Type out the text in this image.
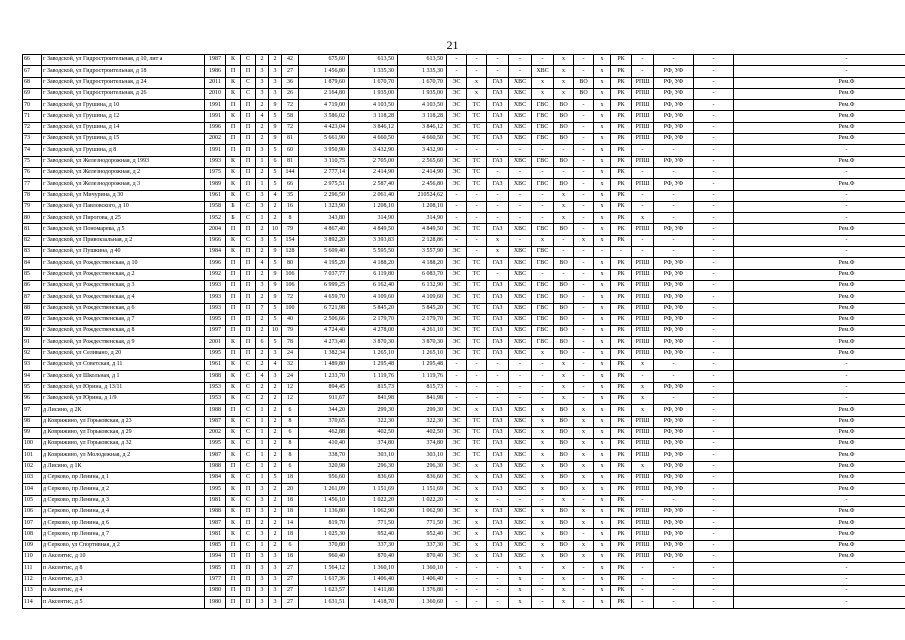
21
66	г Заводской, ул Гидростроительная, д 10, лит а	1987	К	С	2	2	42	675,60	613,50	613,50	-	-	-	-	-	х	-	х	РК	-	-	-	-
67	г Заводской, ул Гидростроительная, д 18	1986	П	П	3	3	27	1 456,80	1 335,30	1 335,30	-	-	-	-	ХВС	х	-	х	РК	-	РФ, УФ	-	-
68	г Заводской, ул Гидростроительная, д 24	2011	К	С	3	3	36	1 879,60	1 670,70	1 670,70	ЭС	х	ГАЗ	ХВС	х	х	ВО	х	РК	РПШ	РФ, УФ	-	Рем.Ф
69	г Заводской, ул Гидростроительная, д 26	2010	К	С	3	3	26	2 164,80	1 935,00	1 935,00	ЭС	х	ГАЗ	ХВС	х	х	ВО	х	РК	РПШ	РФ, УФ	-	Рем.Ф
70	г Заводской, ул Грушина, д 10	1991	П	П	2	9	72	4 719,00	4 103,50	4 103,50	ЭС	ТС	ГАЗ	ХВС	ГВС	ВО	-	х	РК	РПШ	РФ, УФ	-	Рем.Ф
71	г Заводской, ул Грушина, д 12	1991	К	П	4	5	58	3 586,02	3 118,28	3 118,28	ЭС	ТС	ГАЗ	ХВС	ГВС	ВО	-	х	РК	РПШ	РФ, УФ	-	Рем.Ф
72	г Заводской, ул Грушина, д 14	1996	П	П	2	9	72	4 423,04	3 846,12	3 846,12	ЭС	ТС	ГАЗ	ХВС	ГВС	ВО	-	х	РК	РПШ	РФ, УФ	-	Рем.Ф
73	г Заводской, ул Грушина, д 15	2002	П	П	2	9	81	5 661,90	4 660,50	4 660,50	ЭС	ТС	ГАЗ	ХВС	ГВС	ВО	-	х	РК	РПШ	РФ, УФ	-	Рем.Ф
74	г Заводской, ул Грушина, д 8	1991	П	П	3	5	60	3 950,90	3 432,90	3 432,90	-	-	-	-	-	-	-	х	РК	-	-	-	-
75	г Заводской, ул Железнодорожная, д 1993	1993	К	П	1	6	81	3 110,75	2 705,00	2 565,60	ЭС	ТС	ГАЗ	ХВС	ГВС	ВО	-	х	РК	РПШ	РФ, УФ	-	Рем.Ф
76	г Заводской, ул Железнодорожная, д 2	1975	К	П	2	5	144	2 777,14	2 414,90	2 414,90	ЭС	ТС	-	-	-	-	-	х	РК	-	-	-	-
77	г Заводской, ул Железнодорожная, д 3	1989	К	П	1	5	66	2 975,51	2 587,40	2 456,80	ЭС	ТС	ГАЗ	ХВС	ГВС	ВО	-	х	РК	РПШ	РФ, УФ	-	Рем.Ф
78	г Заводской, ул Мичурина, д 30	1961	К	С	3	4	35	2 296,50	2 061,40	210524,62	-	-	-	-	-	х	-	х	РК	-	-	-	-
79	г Заводской, ул Павловского, д 10	1958	Б	С	3	2	16	1 323,90	1 208,10	1 208,10	-	-	-	-	-	х	-	х	РК	-	-	-	-
80	г Заводской, ул Пирогова, д 25	1952	Б	С	1	2	8	343,80	314,90	314,90	-	-	-	-	-	х	-	х	РК	х	-	-	-
81	г Заводской, ул Пономарева, д 5	2004	П	П	2	10	79	4 867,40	4 849,50	4 849,50	ЭС	ТС	ГАЗ	ХВС	ГВС	ВО	-	х	РК	РПШ	РФ, УФ	-	Рем.Ф
82	г Заводской, ул Привокзальная, д 2	1966	К	С	3	5	154	3 892,20	3 393,83	2 128,86	-	-	х	-	х	-	х	х	РК	-	-	-	-
83	г Заводской, ул Пушкина, д 40	1984	К	П	2	9	128	5 609,40	5 595,50	3 557,90	ЭС	-	х	ХВС	ГВС	-	-	-	-	-	-	-	-
84	г Заводской, ул Рождественская, д 10	1996	П	П	4	5	80	4 195,20	4 188,20	4 188,20	ЭС	ТС	ГАЗ	ХВС	ГВС	ВО	-	х	РК	РПШ	РФ, УФ	-	Рем.Ф
85	г Заводской, ул Рождественская, д 2	1992	П	П	2	9	106	7 037,77	6 119,80	6 083,70	ЭС	ТС	-	ХВС	-	-	-	х	РК	РПШ	РФ, УФ	-	Рем.Ф
86	г Заводской, ул Рождественская, д 3	1993	П	П	3	9	106	6 999,25	6 162,40	6 132,90	ЭС	ТС	ГАЗ	ХВС	ГВС	ВО	-	х	РК	РПШ	РФ, УФ	-	Рем.Ф
87	г Заводской, ул Рождественская, д 4	1993	П	П	2	9	72	4 659,70	4 109,60	4 109,60	ЭС	ТС	ГАЗ	ХВС	ГВС	ВО	-	х	РК	РПШ	РФ, УФ	-	Рем.Ф
88	г Заводской, ул Рождественская, д 6	1993	П	П	7	5	100	6 721,98	5 845,20	5 845,20	ЭС	ТС	ГАЗ	ХВС	ГВС	ВО	-	х	РК	РПШ	РФ, УФ	-	Рем.Ф
89	г Заводской, ул Рождественская, д 7	1995	П	П	2	5	40	2 506,66	2 179,70	2 179,70	ЭС	ТС	ГАЗ	ХВС	ГВС	ВО	-	х	РК	РПШ	РФ, УФ	-	Рем.Ф
90	г Заводской, ул Рождественская, д 8	1997	П	П	2	10	79	4 724,40	4 278,00	4 261,10	ЭС	ТС	ГАЗ	ХВС	ГВС	ВО	-	х	РК	РПШ	РФ, УФ	-	Рем.Ф
91	г Заводской, ул Рождественская, д 9	2001	К	П	6	5	78	4 273,40	3 870,30	3 870,30	ЭС	ТС	ГАЗ	ХВС	ГВС	ВО	-	х	РК	РПШ	РФ, УФ	-	Рем.Ф
92	г Заводской, ул Селивано, д 20	1995	П	П	2	3	24	1 382,34	1 265,10	1 265,10	ЭС	ТС	ГАЗ	ХВС	х	ВО	-	х	РК	РПШ	РФ, УФ	-	Рем.Ф
93	г Заводской, ул Советская, д 11	1961	К	С	2	4	32	1 489,80	1 295,48	1 295,48	-	-	-	-	-	х	-	х	РК	х	-	-	-
94	г Заводской, ул Школьная, д 1	1988	К	С	4	3	24	1 233,70	1 119,76	1 119,76	-	-	-	-	-	х	-	х	РК	-	-	-	-
95	г Заводской, ул Юрина, д 13/11	1953	К	С	2	2	12	894,45	815,73	815,73	-	-	-	-	-	х	-	х	РК	х	РФ, УФ	-	-
96	г Заводской, ул Юрина, д 1/9	1953	К	С	2	2	12	911,67	841,98	841,98	-	-	-	-	-	х	-	х	РК	х	-	-	-
97	д Лисино, д 2К	1988	П	С	1	2	6	344,20	299,30	299,30	ЭС	х	ГАЗ	ХВС	х	ВО	х	х	РК	х	РФ, УФ	-	Рем.Ф
98	д Коврижино, ул Горьковская, д 23	1987	К	С	1	2	8	370,65	322,30	322,30	ЭС	ТС	ГАЗ	ХВС	х	ВО	х	х	РК	РПШ	РФ, УФ	-	Рем.Ф
99	д Коврижино, ул Горьковская, д 29	2002	К	С	1	2	6	462,88	402,50	402,50	ЭС	ТС	ГАЗ	ХВС	х	ВО	х	х	РК	РПШ	РФ, УФ	-	Рем.Ф
100	д Коврижино, ул Горьковская, д 32	1995	К	С	1	2	8	410,40	374,80	374,80	ЭС	ТС	ГАЗ	ХВС	х	ВО	х	х	РК	РПШ	РФ, УФ	-	Рем.Ф
101	д Коврижино, ул Молодежная, д 2	1987	К	С	1	2	8	338,70	303,10	303,10	ЭС	ТС	ГАЗ	ХВС	х	ВО	х	х	РК	РПШ	РФ, УФ	-	Рем.Ф
102	д Лисино, д 1К	1988	П	С	1	2	6	320,98	296,30	296,30	ЭС	х	ГАЗ	ХВС	х	ВО	х	х	РК	х	РФ, УФ	-	Рем.Ф
103	д Серково, пр Ленина, д 1	1984	К	С	1	5	18	956,60	836,60	836,60	ЭС	х	ГАЗ	ХВС	х	ВО	х	х	РК	РПШ	РФ, УФ	-	Рем.Ф
104	д Серково, пр Ленина, д 2	1995	К	П	3	2	20	1 261,09	1 151,69	1 151,69	ЭС	х	ГАЗ	ХВС	х	ВО	х	х	РК	РПШ	РФ, УФ	-	Рем.Ф
105	д Серково, пр Ленина, д 3	1981	К	С	3	2	18	1 456,10	1 022,20	1 022,20	-	х	-	-	-	х	-	х	РК	-	-	-	-
106	д Серково, пр Ленина, д 4	1988	К	П	3	2	18	1 136,80	1 062,90	1 062,90	ЭС	х	ГАЗ	ХВС	х	ВО	х	х	РК	РПШ	РФ, УФ	-	Рем.Ф
107	д Серково, пр Ленина, д 6	1987	К	П	2	2	14	819,70	771,50	771,50	ЭС	х	ГАЗ	ХВС	х	ВО	х	х	РК	РПШ	РФ, УФ	-	Рем.Ф
108	д Серково, пр Ленина, д 7	1981	К	С	3	2	18	1 025,30	952,40	952,40	ЭС	х	ГАЗ	ХВС	х	ВО	-	х	РК	РПШ	РФ, УФ	-	Рем.Ф
109	д Серково, ул Спортивная, д 2	1985	П	С	1	2	6	370,80	337,30	337,30	ЭС	х	ГАЗ	ХВС	х	ВО	х	х	РК	РПШ	РФ, УФ	-	Рем.Ф
110	п Аксентис, д 10	1994	П	П	3	3	18	960,40	870,40	870,40	ЭС	х	ГАЗ	ХВС	х	ВО	х	х	РК	РПШ	РФ, УФ	-	Рем.Ф
111	п Аксентис, д 8	1985	П	П	3	3	27	1 564,12	1 360,10	1 360,10	-	-	-	х	-	х	-	х	РК	-	-	-	-
112	п Аксентис, д 3	1977	П	П	3	3	27	1 617,36	1 406,40	1 406,40	-	-	-	х	-	х	-	х	РК	-	-	-	-
113	п Аксентис, д 4	1980	П	П	3	3	27	1 623,57	1 411,80	1 376,80	-	-	-	х	-	х	-	х	РК	-	-	-	-
114	п Аксентис, д 5	1980	П	П	3	3	27	1 631,51	1 418,70	1 360,60	-	-	-	х	-	х	-	х	РК	-	-	-	-
